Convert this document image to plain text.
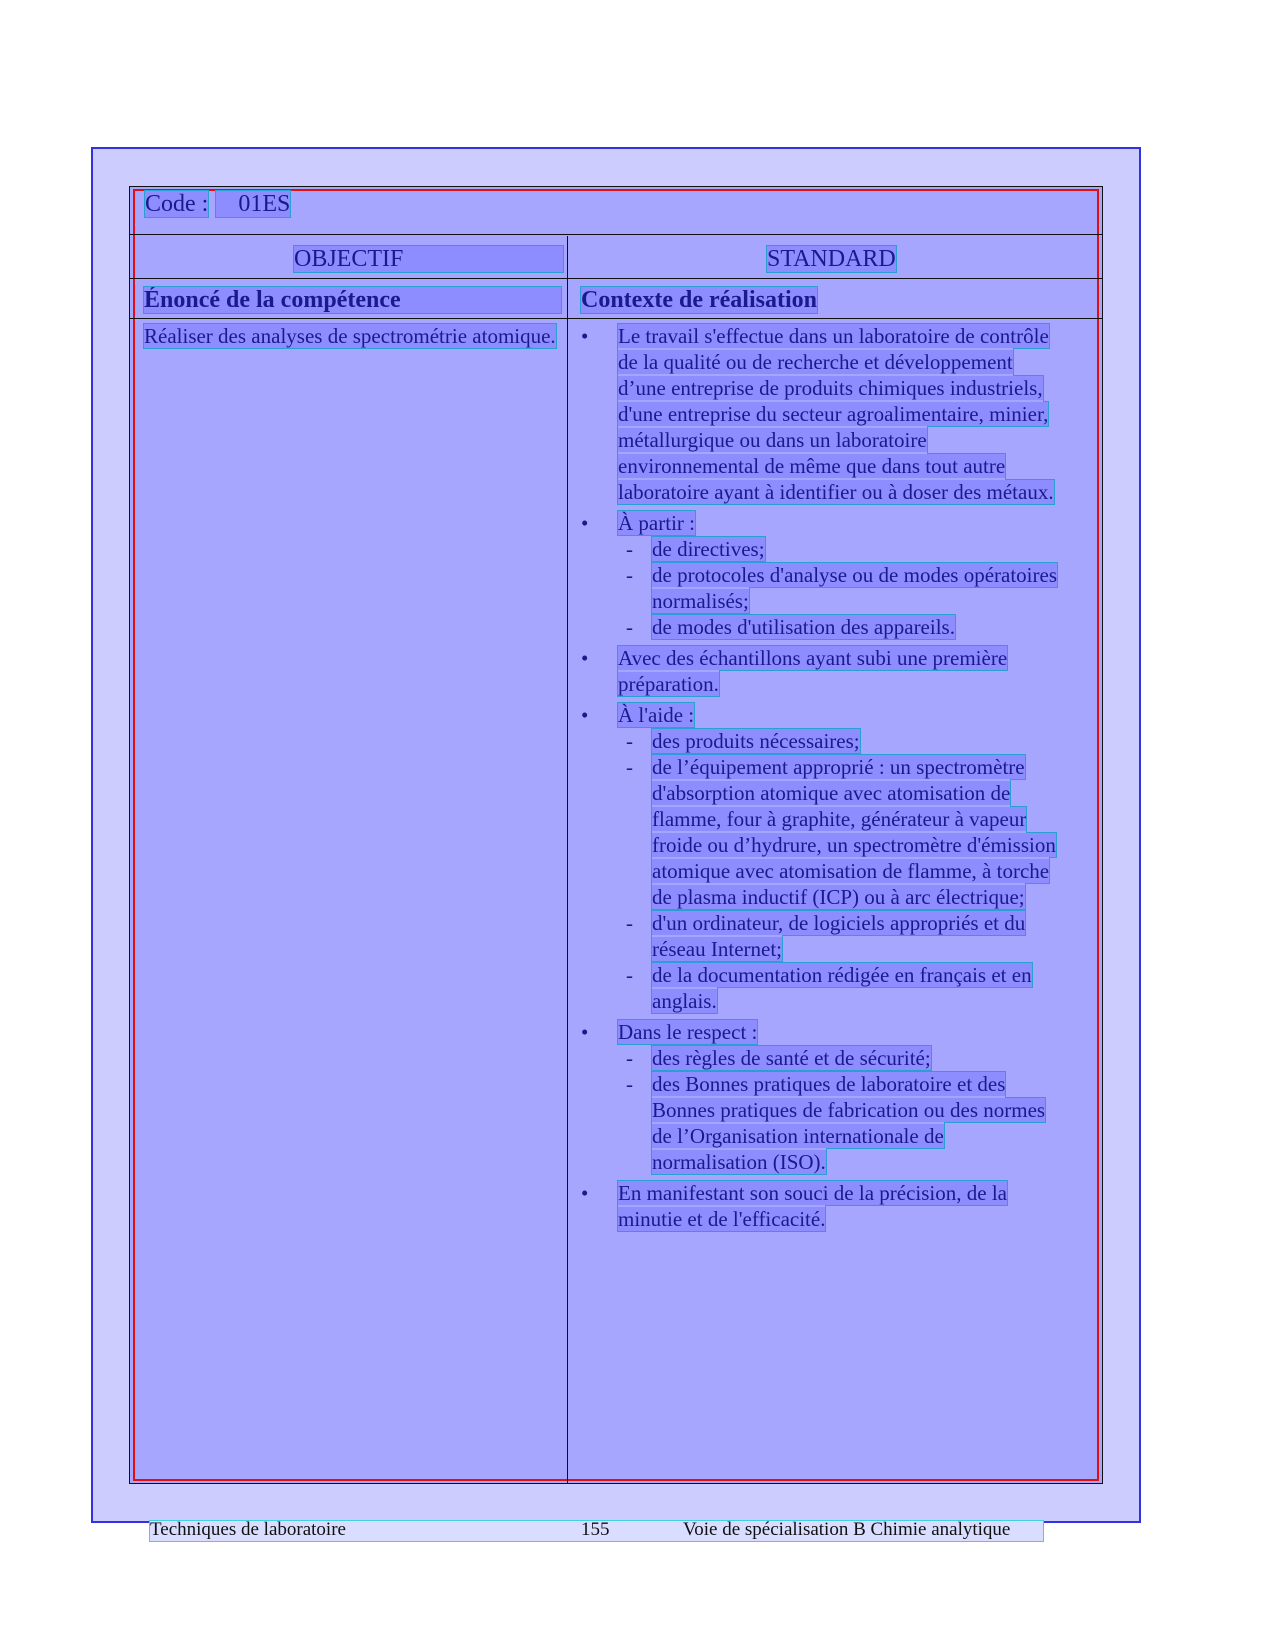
Code : 01ES
OBJECTIF	STANDARD
Énoncé de la compétence	Contexte de réalisation
Réaliser des analyses de spectrométrie atomique.	• Le travail s'effectue dans un laboratoire de contrôle de la qualité ou de recherche et développement d’une entreprise de produits chimiques industriels, d'une entreprise du secteur agroalimentaire, minier, métallurgique ou dans un laboratoire environnemental de même que dans tout autre laboratoire ayant à identifier ou à doser des métaux.
• À partir :
- de directives;
- de protocoles d'analyse ou de modes opératoires normalisés;
- de modes d'utilisation des appareils.
• Avec des échantillons ayant subi une première préparation.
• À l'aide :
- des produits nécessaires;
- de l’équipement approprié : un spectromètre d'absorption atomique avec atomisation de flamme, four à graphite, générateur à vapeur froide ou d’hydrure, un spectromètre d'émission atomique avec atomisation de flamme, à torche de plasma inductif (ICP) ou à arc électrique;
- d'un ordinateur, de logiciels appropriés et du réseau Internet;
- de la documentation rédigée en français et en anglais.
• Dans le respect :
- des règles de santé et de sécurité;
- des Bonnes pratiques de laboratoire et des Bonnes pratiques de fabrication ou des normes de l’Organisation internationale de normalisation (ISO).
• En manifestant son souci de la précision, de la minutie et de l'efficacité.
Techniques de laboratoire	155	Voie de spécialisation B Chimie analytique
